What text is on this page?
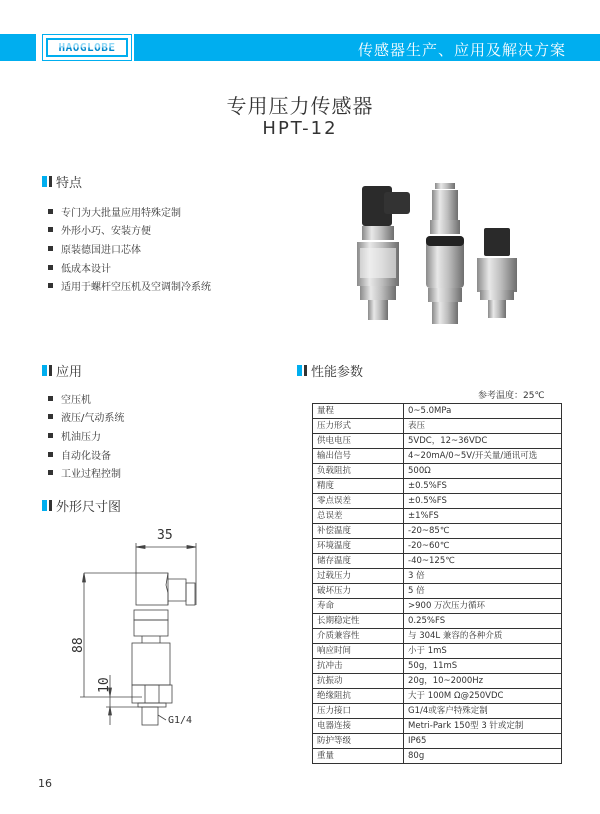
HAOGLOBE	传感器生产、应用及解决方案
专用压力传感器
HPT-12
特点
专门为大批量应用特殊定制
外形小巧、安装方便
原装德国进口芯体
低成本设计
适用于螺杆空压机及空调制冷系统
应用
空压机
液压/气动系统
机油压力
自动化设备
工业过程控制
外形尺寸图
35
88
10
G1/4
性能参数
参考温度：25℃
量程	0~5.0MPa
压力形式	表压
供电电压	5VDC，12~36VDC
输出信号	4~20mA/0~5V/开关量/通讯可选
负载阻抗	500Ω
精度	±0.5%FS
零点误差	±0.5%FS
总误差	±1%FS
补偿温度	-20~85℃
环境温度	-20~60℃
储存温度	-40~125℃
过载压力	3 倍
破坏压力	5 倍
寿命	>900 万次压力循环
长期稳定性	0.25%FS
介质兼容性	与 304L 兼容的各种介质
响应时间	小于 1mS
抗冲击	50g，11mS
抗振动	20g，10~2000Hz
绝缘阻抗	大于 100M Ω@250VDC
压力接口	G1/4或客户特殊定制
电器连接	Metri-Park 150型 3 针或定制
防护等级	IP65
重量	80g
16
